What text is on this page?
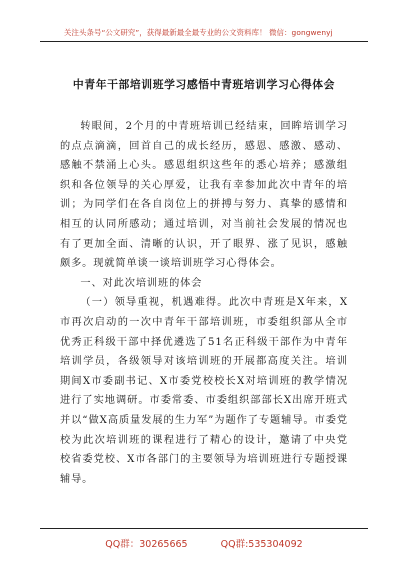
关注头条号“公文研究”，获得最新最全最专业的公文资料库！ 微信：gongwenyj
中青年干部培训班学习感悟中青班培训学习心得体会

转眼间，2个月的中青班培训已经结束，回眸培训学习的点点滴滴，回首自己的成长经历，感恩、感激、感动、感触不禁涌上心头。感恩组织这些年的悉心培养；感激组织和各位领导的关心厚爱，让我有幸参加此次中青年的培训；为同学们在各自岗位上的拼搏与努力、真挚的感情和相互的认同所感动；通过培训，对当前社会发展的情况也有了更加全面、清晰的认识，开了眼界、涨了见识，感触颇多。现就简单谈一谈培训班学习心得体会。

一、对此次培训班的体会

（一）领导重视，机遇难得。此次中青班是X年来，X市再次启动的一次中青年干部培训班，市委组织部从全市优秀正科级干部中择优遴选了51名正科级干部作为中青年培训学员，各级领导对该培训班的开展都高度关注。培训期间X市委副书记、X市委党校校长X对培训班的教学情况进行了实地调研。市委常委、市委组织部部长X出席开班式并以“做X高质量发展的生力军”为题作了专题辅导。市委党校为此次培训班的课程进行了精心的设计，邀请了中央党校省委党校、X市各部门的主要领导为培训班进行专题授课辅导。

QQ群：30265665	QQ群:535304092
